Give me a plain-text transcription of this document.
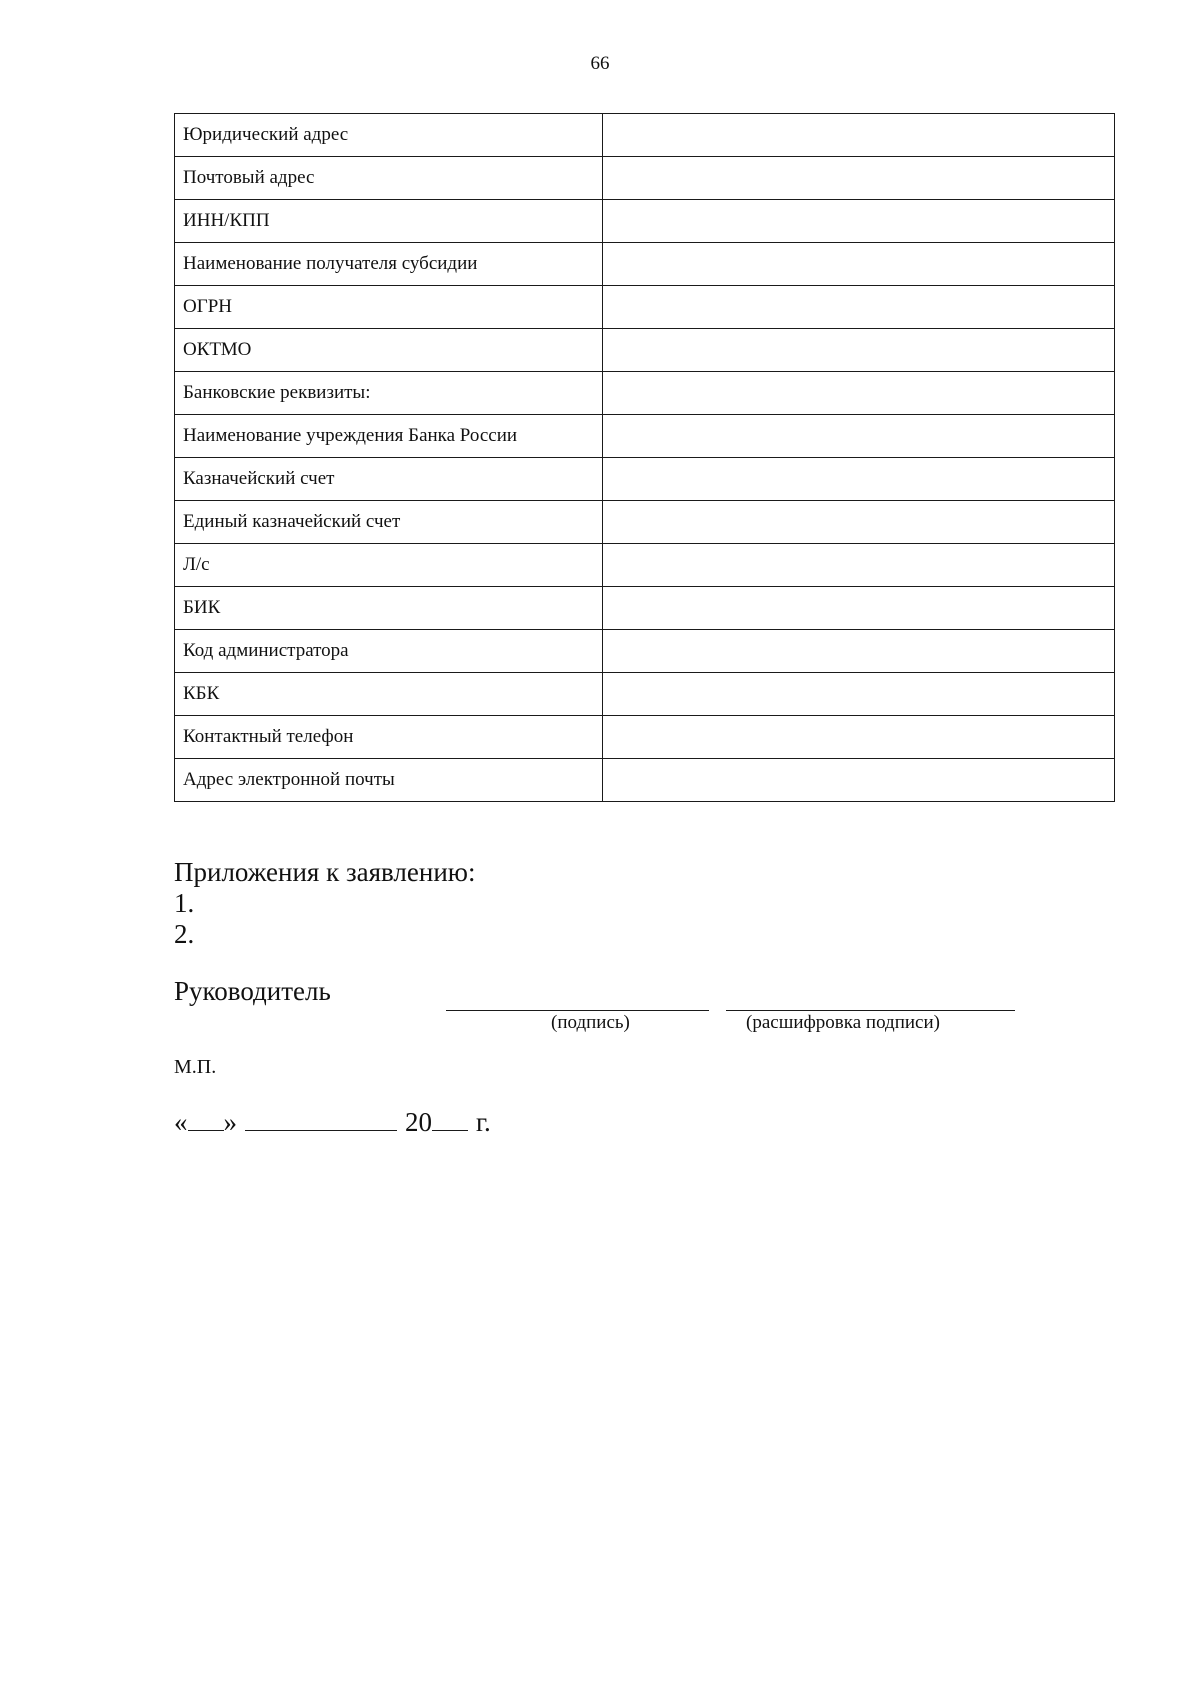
66
Юридический адрес	
Почтовый адрес	
ИНН/КПП	
Наименование получателя субсидии	
ОГРН	
ОКТМО	
Банковские реквизиты:	
Наименование учреждения Банка России	
Казначейский счет	
Единый казначейский счет	
Л/с	
БИК	
Код администратора	
КБК	
Контактный телефон	
Адрес электронной почты	
Приложения к заявлению:
1.
2.
Руководитель
(подпись)	(расшифровка подписи)
М.П.
« »	20 г.
